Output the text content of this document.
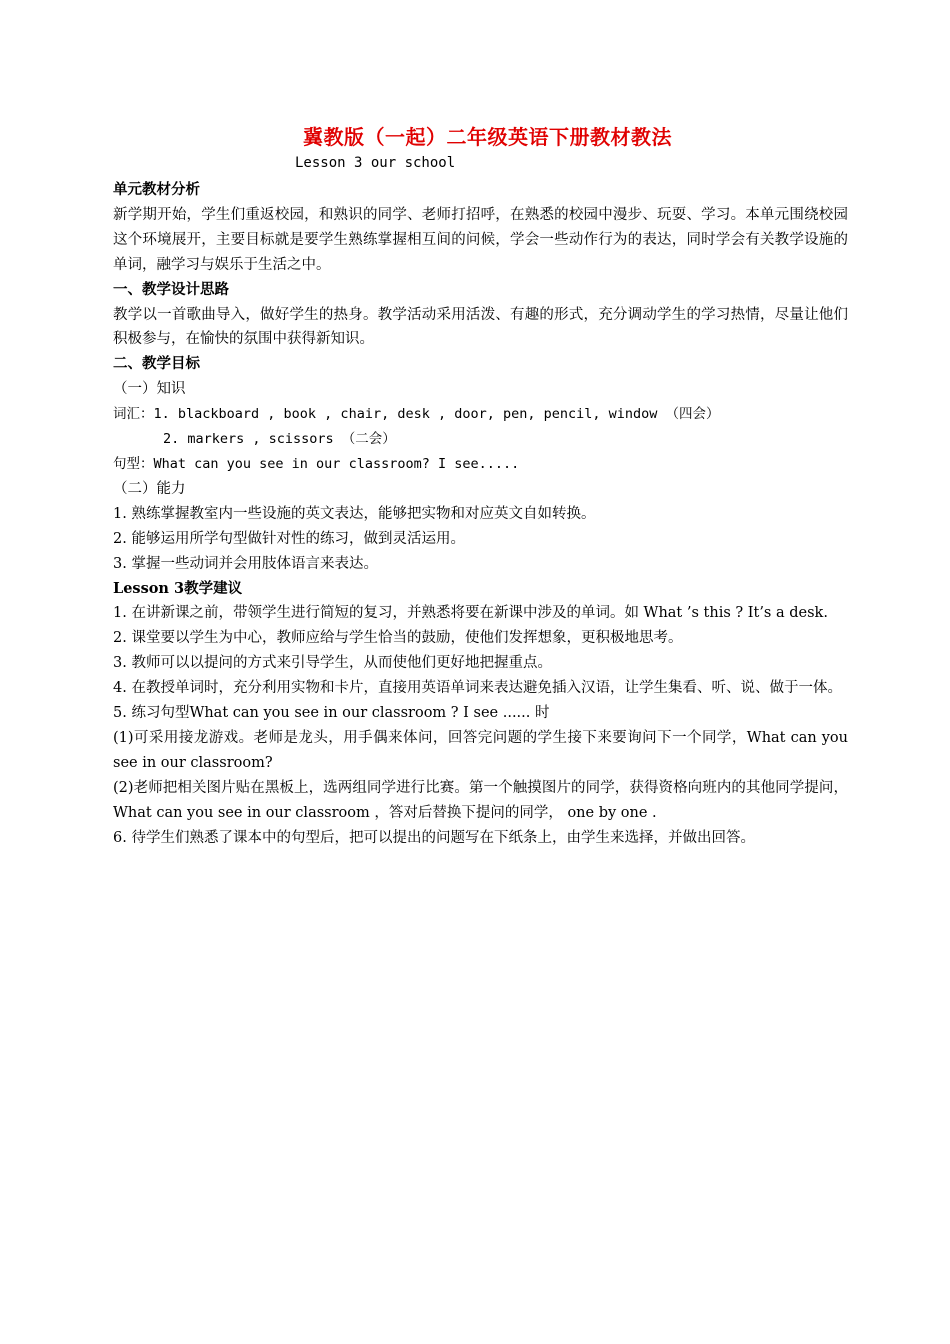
冀教版（一起）二年级英语下册教材教法
Lesson 3 our school

单元教材分析

新学期开始，学生们重返校园，和熟识的同学、老师打招呼，在熟悉的校园中漫步、玩耍、学习。本单元围绕校园这个环境展开，主要目标就是要学生熟练掌握相互间的问候，学会一些动作行为的表达，同时学会有关教学设施的单词，融学习与娱乐于生活之中。

一、教学设计思路

教学以一首歌曲导入，做好学生的热身。教学活动采用活泼、有趣的形式，充分调动学生的学习热情，尽量让他们积极参与，在愉快的氛围中获得新知识。

二、教学目标

（一）知识

词汇：1. blackboard , book , chair, desk , door, pen, pencil, window （四会）

2. markers , scissors （二会）

句型：What can you see in our classroom? I see.....

（二）能力

1. 熟练掌握教室内一些设施的英文表达，能够把实物和对应英文自如转换。

2. 能够运用所学句型做针对性的练习，做到灵活运用。

3. 掌握一些动词并会用肢体语言来表达。

Lesson 3教学建议

1. 在讲新课之前，带领学生进行简短的复习，并熟悉将要在新课中涉及的单词。如 What ’s this ? It’s a desk.

2. 课堂要以学生为中心，教师应给与学生恰当的鼓励，使他们发挥想象，更积极地思考。

3. 教师可以以提问的方式来引导学生，从而使他们更好地把握重点。

4. 在教授单词时，充分利用实物和卡片，直接用英语单词来表达避免插入汉语，让学生集看、听、说、做于一体。

5. 练习句型What can you see in our classroom ? I see ...... 时

(1)可采用接龙游戏。老师是龙头，用手偶来体问，回答完问题的学生接下来要询问下一个同学，What can you see in our classroom?

(2)老师把相关图片贴在黑板上，选两组同学进行比赛。第一个触摸图片的同学，获得资格向班内的其他同学提问，What can you see in our classroom ，答对后替换下提问的同学， one by one .

6. 待学生们熟悉了课本中的句型后，把可以提出的问题写在下纸条上，由学生来选择，并做出回答。
